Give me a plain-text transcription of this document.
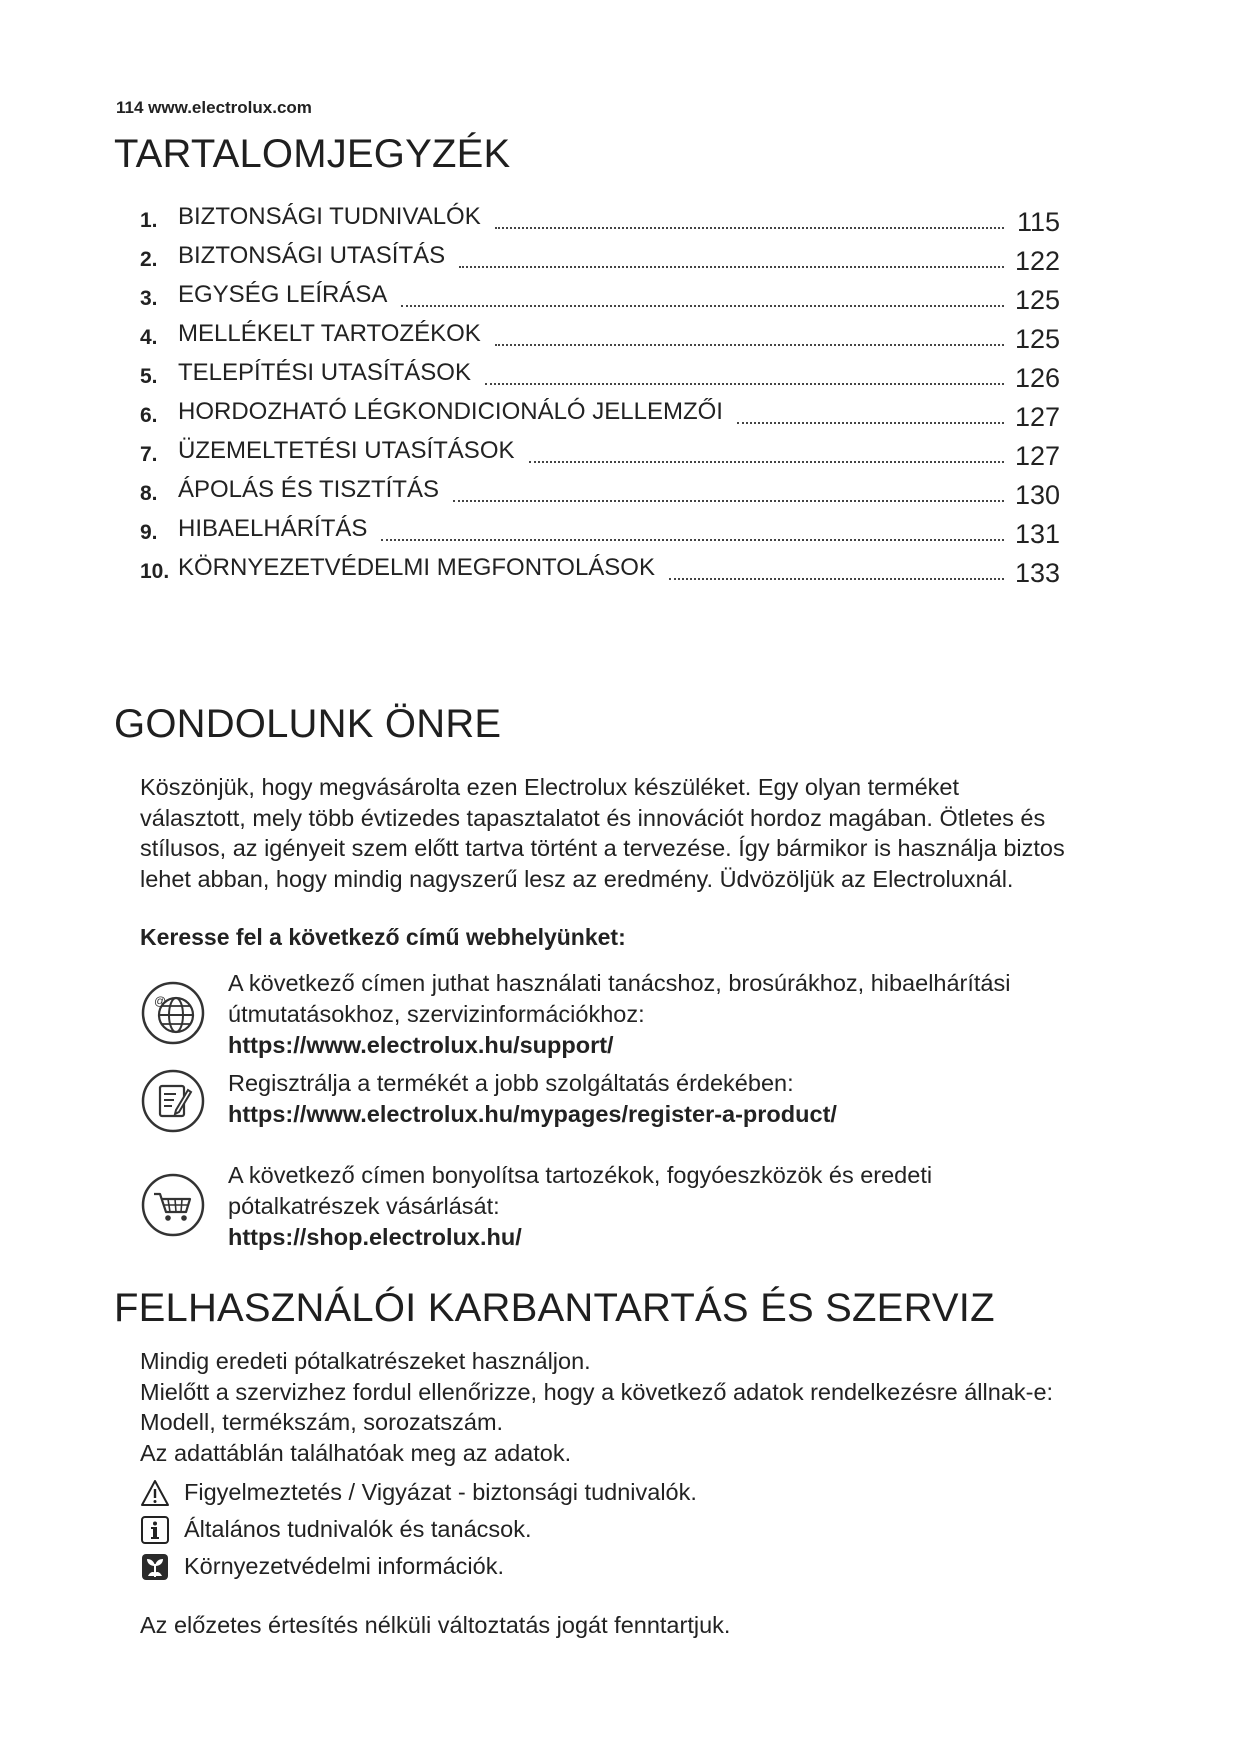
114 www.electrolux.com
TARTALOMJEGYZÉK
1. BIZTONSÁGI TUDNIVALÓK	115
2. BIZTONSÁGI UTASÍTÁS	122
3. EGYSÉG LEÍRÁSA	125
4. MELLÉKELT TARTOZÉKOK	125
5. TELEPÍTÉSI UTASÍTÁSOK	126
6. HORDOZHATÓ LÉGKONDICIONÁLÓ JELLEMZŐI	127
7. ÜZEMELTETÉSI UTASÍTÁSOK	127
8. ÁPOLÁS ÉS TISZTÍTÁS	130
9. HIBAELHÁRÍTÁS	131
10. KÖRNYEZETVÉDELMI MEGFONTOLÁSOK	133
GONDOLUNK ÖNRE
Köszönjük, hogy megvásárolta ezen Electrolux készüléket. Egy olyan terméket
választott, mely több évtizedes tapasztalatot és innovációt hordoz magában. Ötletes és
stílusos, az igényeit szem előtt tartva történt a tervezése. Így bármikor is használja biztos
lehet abban, hogy mindig nagyszerű lesz az eredmény. Üdvözöljük az Electroluxnál.
Keresse fel a következő című webhelyünket:
@
A következő címen juthat használati tanácshoz, brosúrákhoz, hibaelhárítási
útmutatásokhoz, szervizinformációkhoz:
https://www.electrolux.hu/support/
Regisztrálja a termékét a jobb szolgáltatás érdekében:
https://www.electrolux.hu/mypages/register-a-product/
A következő címen bonyolítsa tartozékok, fogyóeszközök és eredeti
pótalkatrészek vásárlását:
https://shop.electrolux.hu/
FELHASZNÁLÓI KARBANTARTÁS ÉS SZERVIZ
Mindig eredeti pótalkatrészeket használjon.
Mielőtt a szervizhez fordul ellenőrizze, hogy a következő adatok rendelkezésre állnak-e:
Modell, termékszám, sorozatszám.
Az adattáblán találhatóak meg az adatok.
Figyelmeztetés / Vigyázat - biztonsági tudnivalók.
Általános tudnivalók és tanácsok.
Környezetvédelmi információk.
Az előzetes értesítés nélküli változtatás jogát fenntartjuk.
